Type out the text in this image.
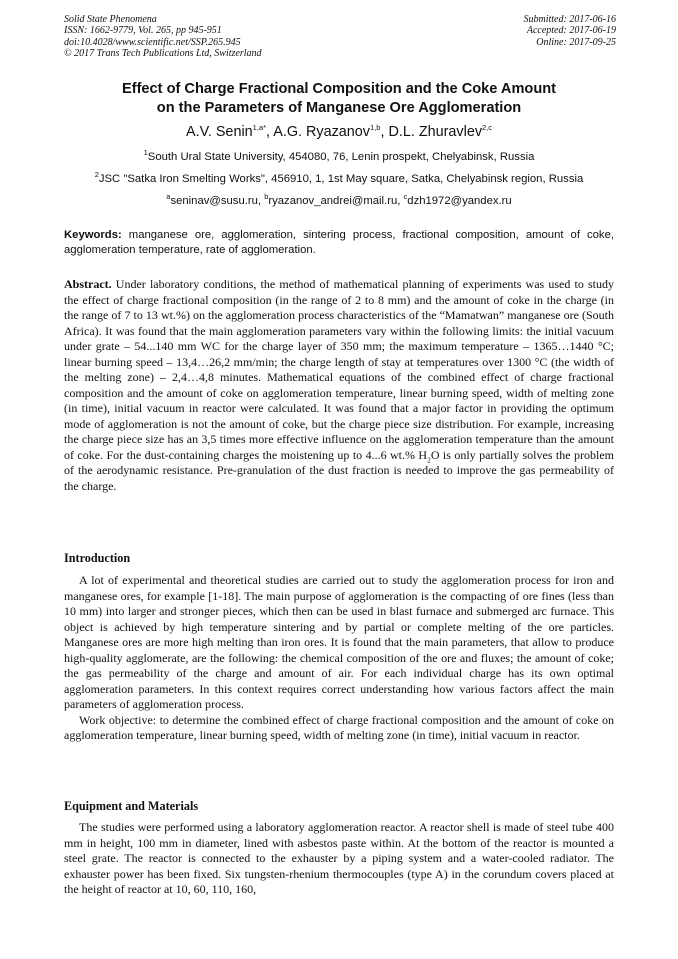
Solid State Phenomena
ISSN: 1662-9779, Vol. 265, pp 945-951
doi:10.4028/www.scientific.net/SSP.265.945
© 2017 Trans Tech Publications Ltd, Switzerland
Submitted: 2017-06-16
Accepted: 2017-06-19
Online: 2017-09-25
Effect of Charge Fractional Composition and the Coke Amount
on the Parameters of Manganese Ore Agglomeration
A.V. Senin$^{1,a*}$, A.G. Ryazanov$^{1,b}$, D.L. Zhuravlev$^{2,c}$
$^1$South Ural State University, 454080, 76, Lenin prospekt, Chelyabinsk, Russia
$^2$JSC "Satka Iron Smelting Works", 456910, 1, 1st May square, Satka, Chelyabinsk region, Russia
$^a$seninav@susu.ru, $^b$ryazanov_andrei@mail.ru, $^c$dzh1972@yandex.ru
Keywords: manganese ore, agglomeration, sintering process, fractional composition, amount of coke, agglomeration temperature, rate of agglomeration.
Abstract. Under laboratory conditions, the method of mathematical planning of experiments was used to study the effect of charge fractional composition (in the range of 2 to 8 mm) and the amount of coke in the charge (in the range of 7 to 13 wt.%) on the agglomeration process characteristics of the “Mamatwan” manganese ore (South Africa). It was found that the main agglomeration parameters vary within the following limits: the initial vacuum under grate – 54...140 mm WC for the charge layer of 350 mm; the maximum temperature – 1365…1440 °C; linear burning speed – 13,4…26,2 mm/min; the charge length of stay at temperatures over 1300 °C (the width of the melting zone) – 2,4…4,8 minutes. Mathematical equations of the combined effect of charge fractional composition and the amount of coke on agglomeration temperature, linear burning speed, width of melting zone (in time), initial vacuum in reactor were calculated. It was found that a major factor in providing the optimum mode of agglomeration is not the amount of coke, but the charge piece size distribution. For example, increasing the charge piece size has an 3,5 times more effective influence on the agglomeration temperature than the amount of coke. For the dust-containing charges the moistening up to 4...6 wt.% $H_2O$ is only partially solves the problem of the aerodynamic resistance. Pre-granulation of the dust fraction is needed to improve the gas permeability of the charge.
Introduction

A lot of experimental and theoretical studies are carried out to study the agglomeration process for iron and manganese ores, for example [1-18]. The main purpose of agglomeration is the compacting of ore fines (less than 10 mm) into larger and stronger pieces, which then can be used in blast furnace and submerged arc furnace. This object is achieved by high temperature sintering and by partial or complete melting of the ore particles. Manganese ores are more high melting than iron ores. It is found that the main parameters, that allow to produce high-quality agglomerate, are the following: the chemical composition of the ore and fluxes; the amount of coke; the gas permeability of the charge and amount of air. For each individual charge has its own optimal agglomeration parameters. In this context requires correct understanding how various factors affect the main parameters of agglomeration process.

Work objective: to determine the combined effect of charge fractional composition and the amount of coke on agglomeration temperature, linear burning speed, width of melting zone (in time), initial vacuum in reactor.

Equipment and Materials

The studies were performed using a laboratory agglomeration reactor. A reactor shell is made of steel tube 400 mm in height, 100 mm in diameter, lined with asbestos paste within. At the bottom of the reactor is mounted a steel grate. The reactor is connected to the exhauster by a piping system and a water-cooled radiator. The exhauster power has been fixed. Six tungsten-rhenium thermocouples (type A) in the corundum covers placed at the height of reactor at 10, 60, 110, 160,
